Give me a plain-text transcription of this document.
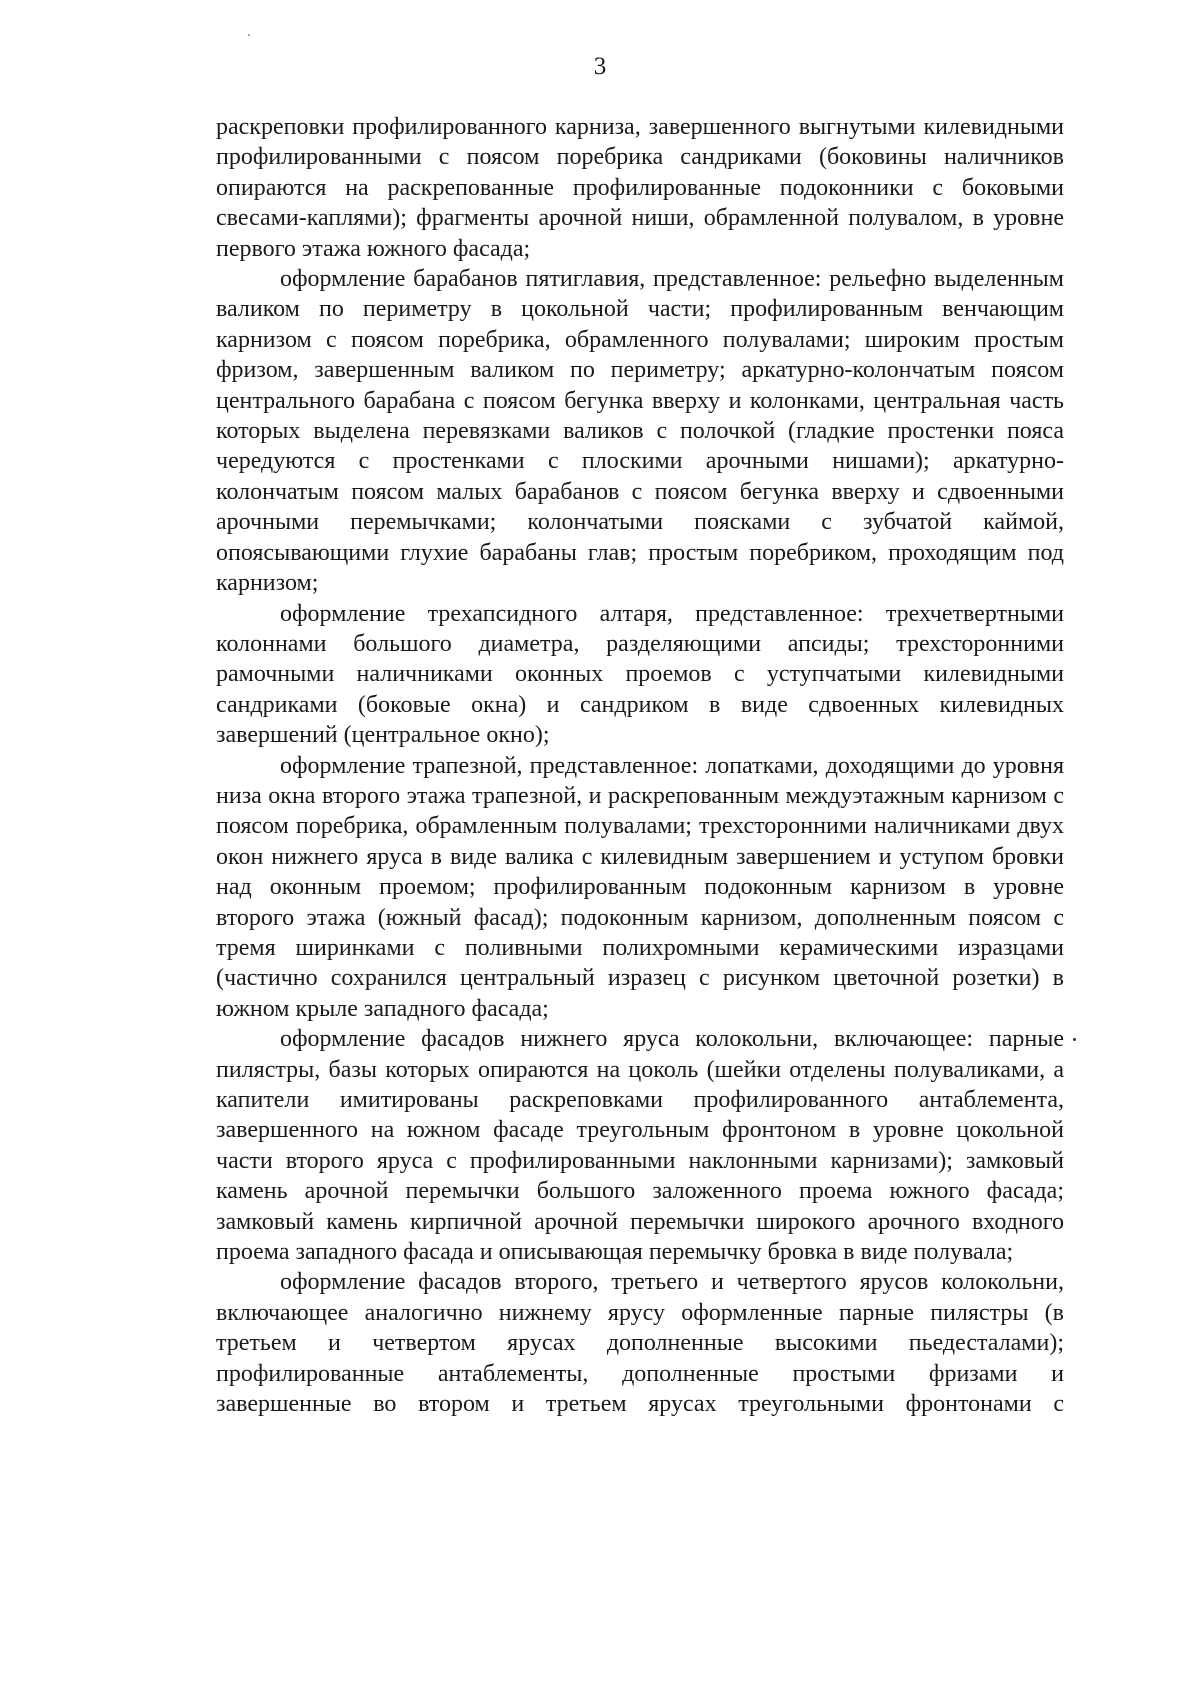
3

раскреповки профилированного карниза, завершенного выгнутыми килевидными профилированными с поясом поребрика сандриками (боковины наличников опираются на раскрепованные профилированные подоконники с боковыми свесами-каплями); фрагменты арочной ниши, обрамленной полувалом, в уровне первого этажа южного фасада;

оформление барабанов пятиглавия, представленное: рельефно выделенным валиком по периметру в цокольной части; профилированным венчающим карнизом с поясом поребрика, обрамленного полувалами; широким простым фризом, завершенным валиком по периметру; аркатурно-колончатым поясом центрального барабана с поясом бегунка вверху и колонками, центральная часть которых выделена перевязками валиков с полочкой (гладкие простенки пояса чередуются с простенками с плоскими арочными нишами); аркатурно-колончатым поясом малых барабанов с поясом бегунка вверху и сдвоенными арочными перемычками; колончатыми поясками с зубчатой каймой, опоясывающими глухие барабаны глав; простым поребриком, проходящим под карнизом;

оформление трехапсидного алтаря, представленное: трехчетвертными колоннами большого диаметра, разделяющими апсиды; трехсторонними рамочными наличниками оконных проемов с уступчатыми килевидными сандриками (боковые окна) и сандриком в виде сдвоенных килевидных завершений (центральное окно);

оформление трапезной, представленное: лопатками, доходящими до уровня низа окна второго этажа трапезной, и раскрепованным междуэтажным карнизом с поясом поребрика, обрамленным полувалами; трехсторонними наличниками двух окон нижнего яруса в виде валика с килевидным завершением и уступом бровки над оконным проемом; профилированным подоконным карнизом в уровне второго этажа (южный фасад); подоконным карнизом, дополненным поясом с тремя ширинками с поливными полихромными керамическими изразцами (частично сохранился центральный изразец с рисунком цветочной розетки) в южном крыле западного фасада;

оформление фасадов нижнего яруса колокольни, включающее: парные пилястры, базы которых опираются на цоколь (шейки отделены полуваликами, а капители имитированы раскреповками профилированного антаблемента, завершенного на южном фасаде треугольным фронтоном в уровне цокольной части второго яруса с профилированными наклонными карнизами); замковый камень арочной перемычки большого заложенного проема южного фасада; замковый камень кирпичной арочной перемычки широкого арочного входного проема западного фасада и описывающая перемычку бровка в виде полувала;

оформление фасадов второго, третьего и четвертого ярусов колокольни, включающее аналогично нижнему ярусу оформленные парные пилястры (в третьем и четвертом ярусах дополненные высокими пьедесталами); профилированные антаблементы, дополненные простыми фризами и завершенные во втором и третьем ярусах треугольными фронтонами с
